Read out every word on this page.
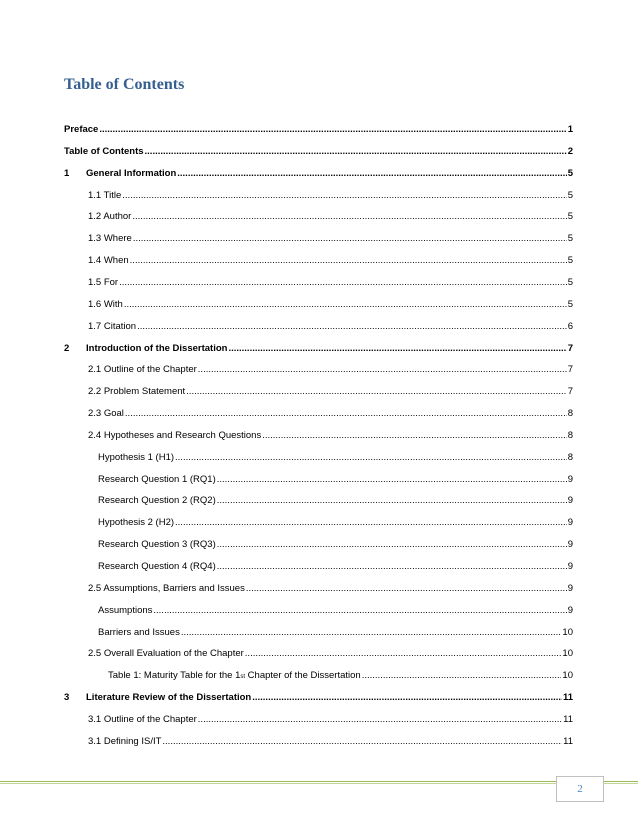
Table of Contents
Preface .....	1
Table of Contents .....	2
1	General Information .....	5
1.1 Title .....	5
1.2 Author .....	5
1.3 Where .....	5
1.4 When .....	5
1.5 For .....	5
1.6 With .....	5
1.7 Citation .....	6
2	Introduction of the Dissertation .....	7
2.1 Outline of the Chapter .....	7
2.2 Problem Statement .....	7
2.3 Goal .....	8
2.4 Hypotheses and Research Questions .....	8
Hypothesis 1 (H1) .....	8
Research Question 1 (RQ1) .....	9
Research Question 2 (RQ2) .....	9
Hypothesis 2 (H2) .....	9
Research Question 3 (RQ3) .....	9
Research Question 4 (RQ4) .....	9
2.5 Assumptions, Barriers and Issues .....	9
Assumptions .....	9
Barriers and Issues .....	10
2.5 Overall Evaluation of the Chapter .....	10
Table 1: Maturity Table for the 1 st Chapter of the Dissertation .....	10
3	Literature Review of the Dissertation .....	11
3.1 Outline of the Chapter .....	11
3.1 Defining IS/IT .....	11
2
